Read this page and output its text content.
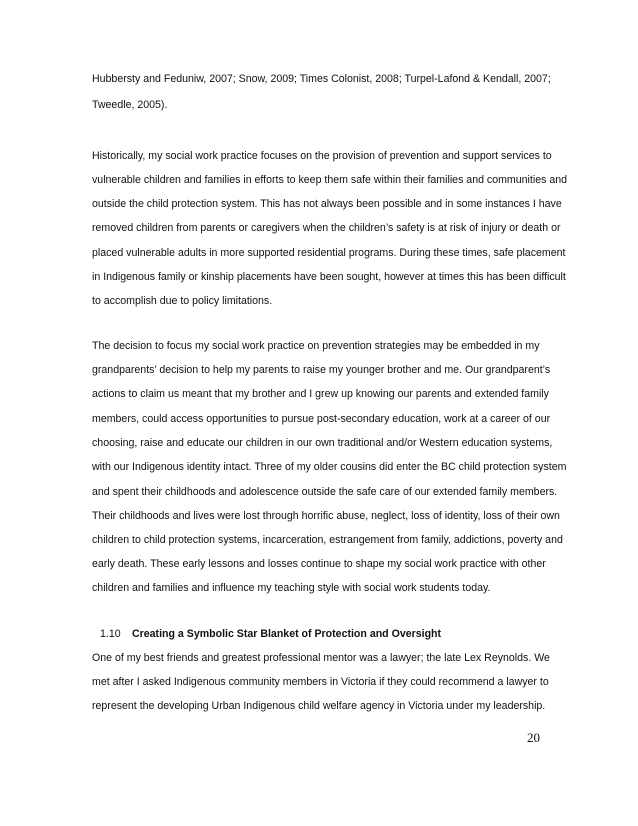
Hubbersty and Feduniw, 2007; Snow, 2009; Times Colonist, 2008; Turpel-Lafond & Kendall, 2007;
Tweedle, 2005).
Historically, my social work practice focuses on the provision of prevention and support services to
vulnerable children and families in efforts to keep them safe within their families and communities and
outside the child protection system. This has not always been possible and in some instances I have
removed children from parents or caregivers when the children’s safety is at risk of injury or death or
placed vulnerable adults in more supported residential programs. During these times, safe placement
in Indigenous family or kinship placements have been sought, however at times this has been difficult
to accomplish due to policy limitations.
The decision to focus my social work practice on prevention strategies may be embedded in my
grandparents’ decision to help my parents to raise my younger brother and me. Our grandparent’s
actions to claim us meant that my brother and I grew up knowing our parents and extended family
members, could access opportunities to pursue post-secondary education, work at a career of our
choosing, raise and educate our children in our own traditional and/or Western education systems,
with our Indigenous identity intact. Three of my older cousins did enter the BC child protection system
and spent their childhoods and adolescence outside the safe care of our extended family members.
Their childhoods and lives were lost through horrific abuse, neglect, loss of identity, loss of their own
children to child protection systems, incarceration, estrangement from family, addictions, poverty and
early death. These early lessons and losses continue to shape my social work practice with other
children and families and influence my teaching style with social work students today.
1.10 Creating a Symbolic Star Blanket of Protection and Oversight
One of my best friends and greatest professional mentor was a lawyer; the late Lex Reynolds. We
met after I asked Indigenous community members in Victoria if they could recommend a lawyer to
represent the developing Urban Indigenous child welfare agency in Victoria under my leadership.
20
